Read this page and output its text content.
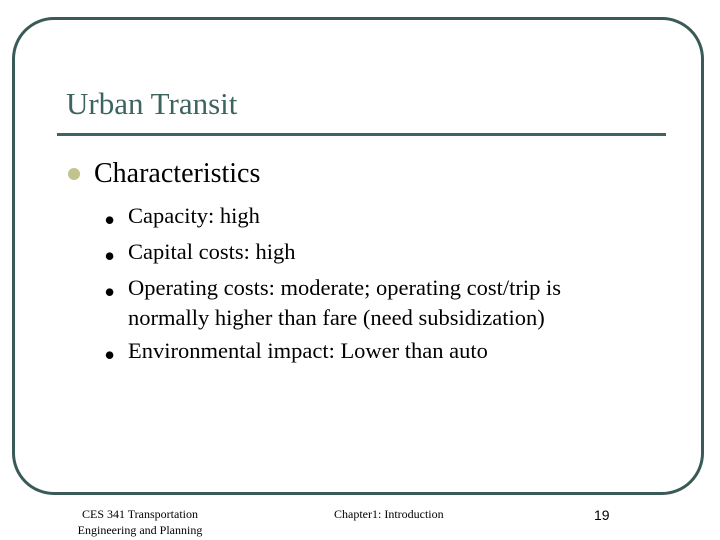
Urban Transit
Characteristics
• Capacity: high
• Capital costs: high
• Operating costs: moderate; operating cost/trip is
normally higher than fare (need subsidization)
• Environmental impact: Lower than auto
CES 341 Transportation
Engineering and Planning
Chapter1: Introduction	19
